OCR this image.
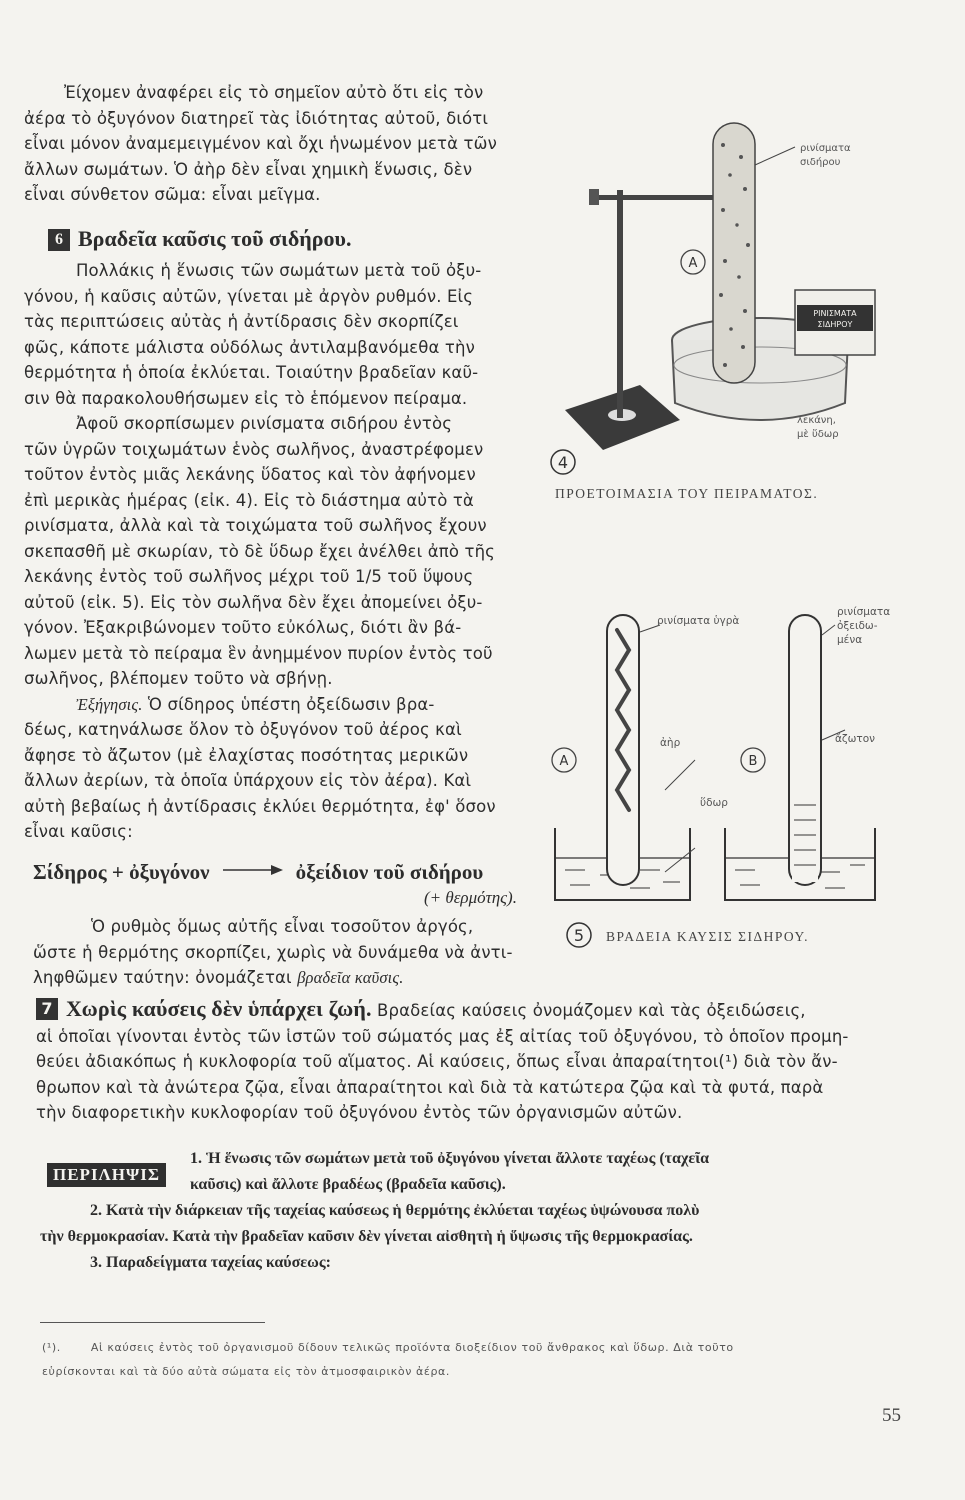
Ἐίχομεν ἀναφέρει εἰς τὸ σημεῖον αὐτὸ ὅτι εἰς τὸν
ἀέρα τὸ ὀξυγόνον διατηρεῖ τὰς ἰδιότητας αὐτοῦ, διότι
εἶναι μόνον ἀναμεμειγμένον καὶ ὄχι ἡνωμένον μετὰ τῶν
ἄλλων σωμάτων. Ὁ ἀὴρ δὲν εἶναι χημικὴ ἕνωσις, δὲν
εἶναι σύνθετον σῶμα: εἶναι μεῖγμα.
6 Βραδεῖα καῦσις τοῦ σιδήρου.
Πολλάκις ἡ ἕνωσις τῶν σωμάτων μετὰ τοῦ ὀξυ-
γόνου, ἡ καῦσις αὐτῶν, γίνεται μὲ ἀργὸν ρυθμόν. Εἰς
τὰς περιπτώσεις αὐτὰς ἡ ἀντίδρασις δὲν σκορπίζει
φῶς, κάποτε μάλιστα οὐδόλως ἀντιλαμβανόμεθα τὴν
θερμότητα ἡ ὁποία ἐκλύεται. Τοιαύτην βραδεῖαν καῦ-
σιν θὰ παρακολουθήσωμεν εἰς τὸ ἑπόμενον πείραμα.
Ἀφοῦ σκορπίσωμεν ρινίσματα σιδήρου ἐντὸς
τῶν ὑγρῶν τοιχωμάτων ἑνὸς σωλῆνος, ἀναστρέφομεν
τοῦτον ἐντὸς μιᾶς λεκάνης ὕδατος καὶ τὸν ἀφήνομεν
ἐπὶ μερικὰς ἡμέρας (εἰκ. 4). Εἰς τὸ διάστημα αὐτὸ τὰ
ρινίσματα, ἀλλὰ καὶ τὰ τοιχώματα τοῦ σωλῆνος ἔχουν
σκεπασθῆ μὲ σκωρίαν, τὸ δὲ ὕδωρ ἔχει ἀνέλθει ἀπὸ τῆς
λεκάνης ἐντὸς τοῦ σωλῆνος μέχρι τοῦ 1/5 τοῦ ὕψους
αὐτοῦ (εἰκ. 5). Εἰς τὸν σωλῆνα δὲν ἔχει ἀπομείνει ὀξυ-
γόνον. Ἐξακριβώνομεν τοῦτο εὐκόλως, διότι ἂν βά-
λωμεν μετὰ τὸ πείραμα ἓν ἀνημμένον πυρίον ἐντὸς τοῦ
σωλῆνος, βλέπομεν τοῦτο νὰ σβήνῃ.
Ἐξήγησις. Ὁ σίδηρος ὑπέστη ὀξείδωσιν βρα-
δέως, κατηνάλωσε ὅλον τὸ ὀξυγόνον τοῦ ἀέρος καὶ
ἄφησε τὸ ἄζωτον (μὲ ἐλαχίστας ποσότητας μερικῶν
ἄλλων ἀερίων, τὰ ὁποῖα ὑπάρχουν εἰς τὸν ἀέρα). Καὶ
αὐτὴ βεβαίως ἡ ἀντίδρασις ἐκλύει θερμότητα, ἐφ' ὅσον
εἶναι καῦσις:
Σίδηρος + ὀξυγόνον	ὀξείδιον τοῦ σιδήρου
(+ θερμότης).
Ὁ ρυθμὸς ὅμως αὐτῆς εἶναι τοσοῦτον ἀργός,
ὥστε ἡ θερμότης σκορπίζει, χωρὶς νὰ δυνάμεθα νὰ ἀντι-
ληφθῶμεν ταύτην: ὀνομάζεται βραδεῖα καῦσις.
A
ΡΙΝΙΣΜΑΤΑ
ΣΙΔΗΡΟΥ
ρινίσματα
σιδήρου
λεκάνη,
μὲ ὕδωρ
4
ΠΡΟΕΤΟΙΜΑΣΙΑ ΤΟΥ ΠΕΙΡΑΜΑΤΟΣ.
ρινίσματα ὑγρὰ
ρινίσματα
ὀξειδω-
μένα
ἀὴρ	ἄζωτον
ὕδωρ
A	B
5 ΒΡΑΔΕΙΑ ΚΑΥΣΙΣ ΣΙΔΗΡΟΥ.
7 Χωρὶς καύσεις δὲν ὑπάρχει ζωή. Βραδείας καύσεις ὀνομάζομεν καὶ τὰς ὀξειδώσεις,
αἱ ὁποῖαι γίνονται ἐντὸς τῶν ἱστῶν τοῦ σώματός μας ἐξ αἰτίας τοῦ ὀξυγόνου, τὸ ὁποῖον προμη-
θεύει ἀδιακόπως ἡ κυκλοφορία τοῦ αἵματος. Αἱ καύσεις, ὅπως εἶναι ἀπαραίτητοι(¹) διὰ τὸν ἄν-
θρωπον καὶ τὰ ἀνώτερα ζῷα, εἶναι ἀπαραίτητοι καὶ διὰ τὰ κατώτερα ζῷα καὶ τὰ φυτά, παρὰ
τὴν διαφορετικὴν κυκλοφορίαν τοῦ ὀξυγόνου ἐντὸς τῶν ὀργανισμῶν αὐτῶν.
ΠΕΡΙΛΗΨΙΣ
1. Ἡ ἕνωσις τῶν σωμάτων μετὰ τοῦ ὀξυγόνου γίνεται ἄλλοτε ταχέως (ταχεῖα
καῦσις) καὶ ἄλλοτε βραδέως (βραδεῖα καῦσις).
2. Κατὰ τὴν διάρκειαν τῆς ταχείας καύσεως ἡ θερμότης ἐκλύεται ταχέως ὑψώνουσα πολὺ
τὴν θερμοκρασίαν. Κατὰ τὴν βραδεῖαν καῦσιν δὲν γίνεται αἰσθητὴ ἡ ὕψωσις τῆς θερμοκρασίας.
3. Παραδείγματα ταχείας καύσεως:
(¹).	Αἱ καύσεις ἐντὸς τοῦ ὀργανισμοῦ δίδουν τελικῶς προϊόντα διοξείδιον τοῦ ἄνθρακος καὶ ὕδωρ. Διὰ τοῦτο
εὑρίσκονται καὶ τὰ δύο αὐτὰ σώματα εἰς τὸν ἀτμοσφαιρικὸν ἀέρα.
55
